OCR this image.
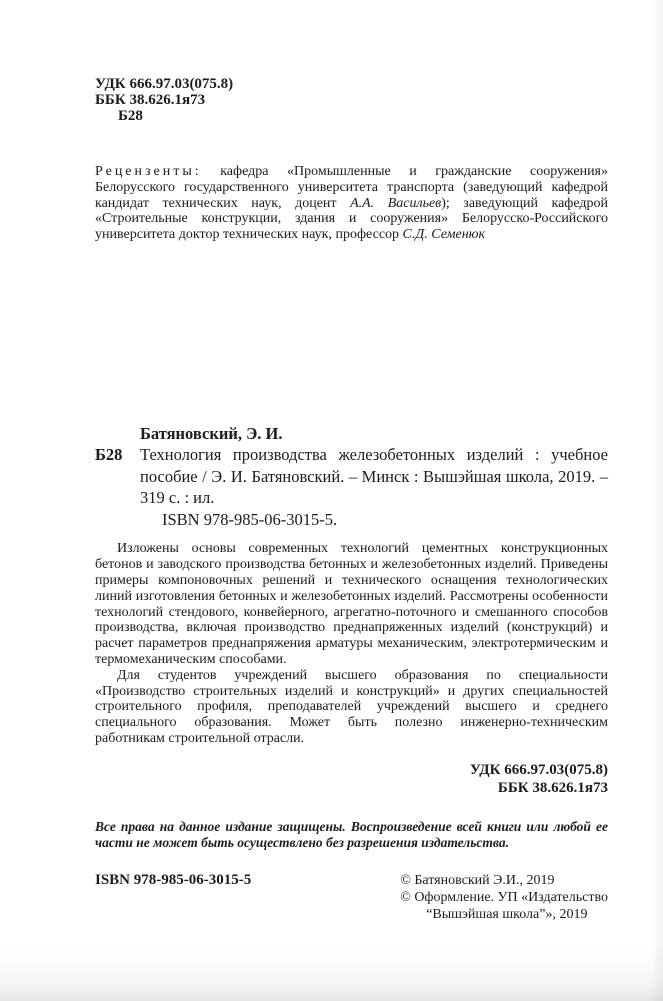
УДК 666.97.03(075.8)
ББК 38.626.1я73
Б28

Рецензенты: кафедра «Промышленные и гражданские сооружения» Белорусского государственного университета транспорта (заведующий кафедрой кандидат технических наук, доцент А.А. Васильев); заведующий кафедрой «Строительные конструкции, здания и сооружения» Белорусско-Российского университета доктор технических наук, профессор С.Д. Семенюк

Б28
Батяновский, Э. И.

Технология производства железобетонных изделий : учебное пособие / Э. И. Батяновский. – Минск : Вышэйшая школа, 2019. – 319 с. : ил.

ISBN 978-985-06-3015-5.

Изложены основы современных технологий цементных конструкционных бетонов и заводского производства бетонных и железобетонных изделий. Приведены примеры компоновочных решений и технического оснащения технологических линий изготовления бетонных и железобетонных изделий. Рассмотрены особенности технологий стендового, конвейерного, агрегатно-поточного и смешанного способов производства, включая производство преднапряженных изделий (конструкций) и расчет параметров преднапряжения арматуры механическим, электротермическим и термомеханическим способами.

Для студентов учреждений высшего образования по специальности «Производство строительных изделий и конструкций» и других специальностей строительного профиля, преподавателей учреждений высшего и среднего специального образования. Может быть полезно инженерно-техническим работникам строительной отрасли.

УДК 666.97.03(075.8)
ББК 38.626.1я73

Все права на данное издание защищены. Воспроизведение всей книги или любой ее части не может быть осуществлено без разрешения издательства.

ISBN 978-985-06-3015-5	© Батяновский Э.И., 2019
© Оформление. УП «Издательство
“Вышэйшая школа”», 2019
